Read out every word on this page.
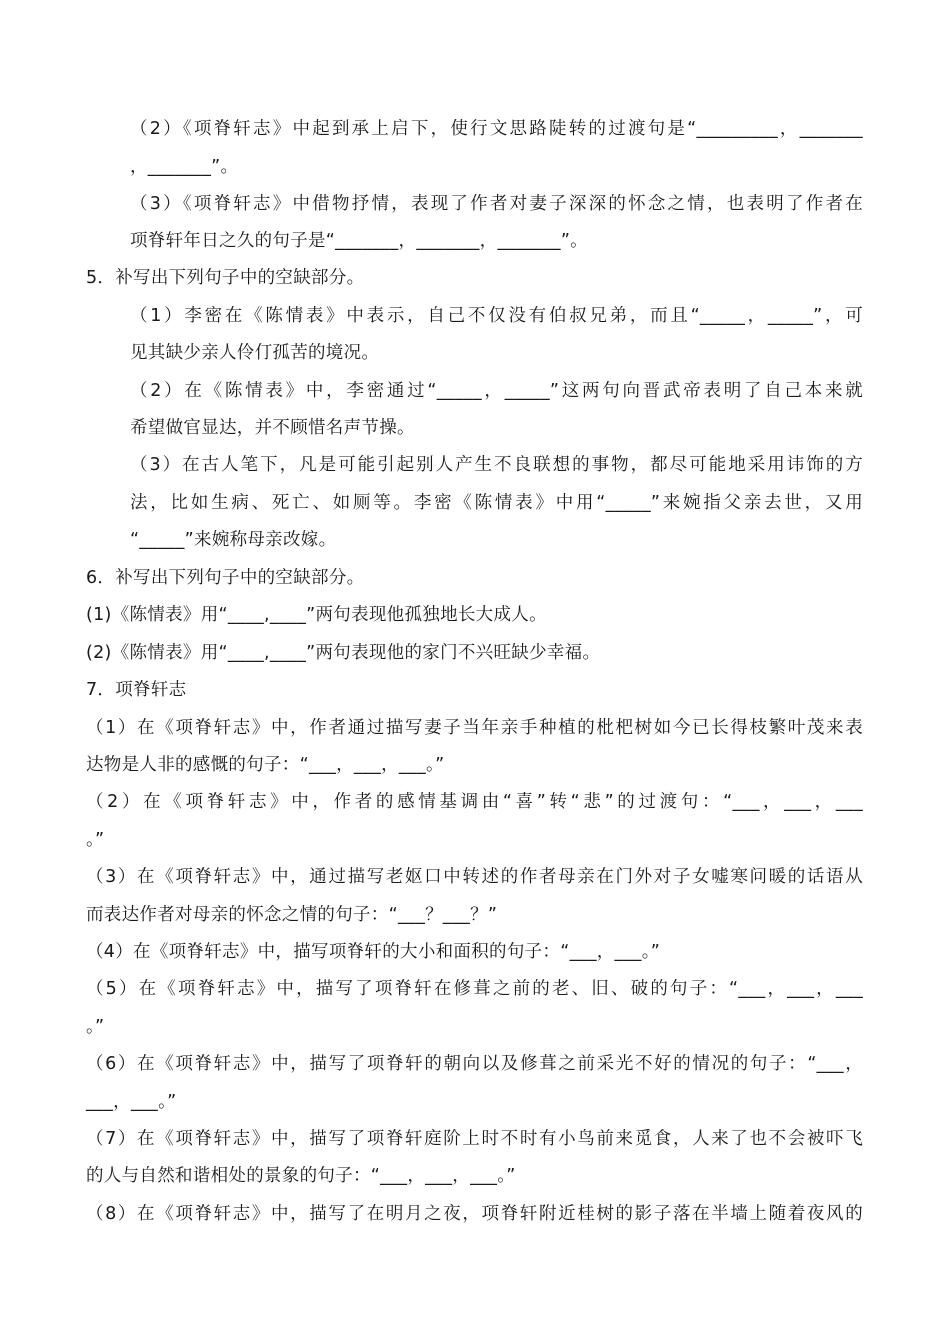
（2）《项脊轩志》中起到承上启下，使行文思路陡转的过渡句是“_________，_______
，_______”。
（3）《项脊轩志》中借物抒情，表现了作者对妻子深深的怀念之情，也表明了作者在
项脊轩年日之久的句子是“_______，_______，_______”。
5．补写出下列句子中的空缺部分。
（1）李密在《陈情表》中表示，自己不仅没有伯叔兄弟，而且“_____，_____”，可
见其缺少亲人伶仃孤苦的境况。
（2）在《陈情表》中，李密通过“_____，_____”这两句向晋武帝表明了自己本来就
希望做官显达，并不顾惜名声节操。
（3）在古人笔下，凡是可能引起别人产生不良联想的事物，都尽可能地采用讳饰的方
法，比如生病、死亡、如厕等。李密《陈情表》中用“_____”来婉指父亲去世，又用
“_____”来婉称母亲改嫁。
6．补写出下列句子中的空缺部分。
(1)《陈情表》用“____,____”两句表现他孤独地长大成人。
(2)《陈情表》用“____,____”两句表现他的家门不兴旺缺少幸福。
7．项脊轩志
（1）在《项脊轩志》中，作者通过描写妻子当年亲手种植的枇杷树如今已长得枝繁叶茂来表
达物是人非的感慨的句子：“___，___，___。”
（2）在《项脊轩志》中，作者的感情基调由“喜”转“悲”的过渡句：“___，___，___
。”
（3）在《项脊轩志》中，通过描写老妪口中转述的作者母亲在门外对子女嘘寒问暖的话语从
而表达作者对母亲的怀念之情的句子：“___？___？”
（4）在《项脊轩志》中，描写项脊轩的大小和面积的句子：“___，___。”
（5）在《项脊轩志》中，描写了项脊轩在修葺之前的老、旧、破的句子：“___，___，___
。”
（6）在《项脊轩志》中，描写了项脊轩的朝向以及修葺之前采光不好的情况的句子：“___，
___，___。”
（7）在《项脊轩志》中，描写了项脊轩庭阶上时不时有小鸟前来觅食，人来了也不会被吓飞
的人与自然和谐相处的景象的句子：“___，___，___。”
（8）在《项脊轩志》中，描写了在明月之夜，项脊轩附近桂树的影子落在半墙上随着夜风的
